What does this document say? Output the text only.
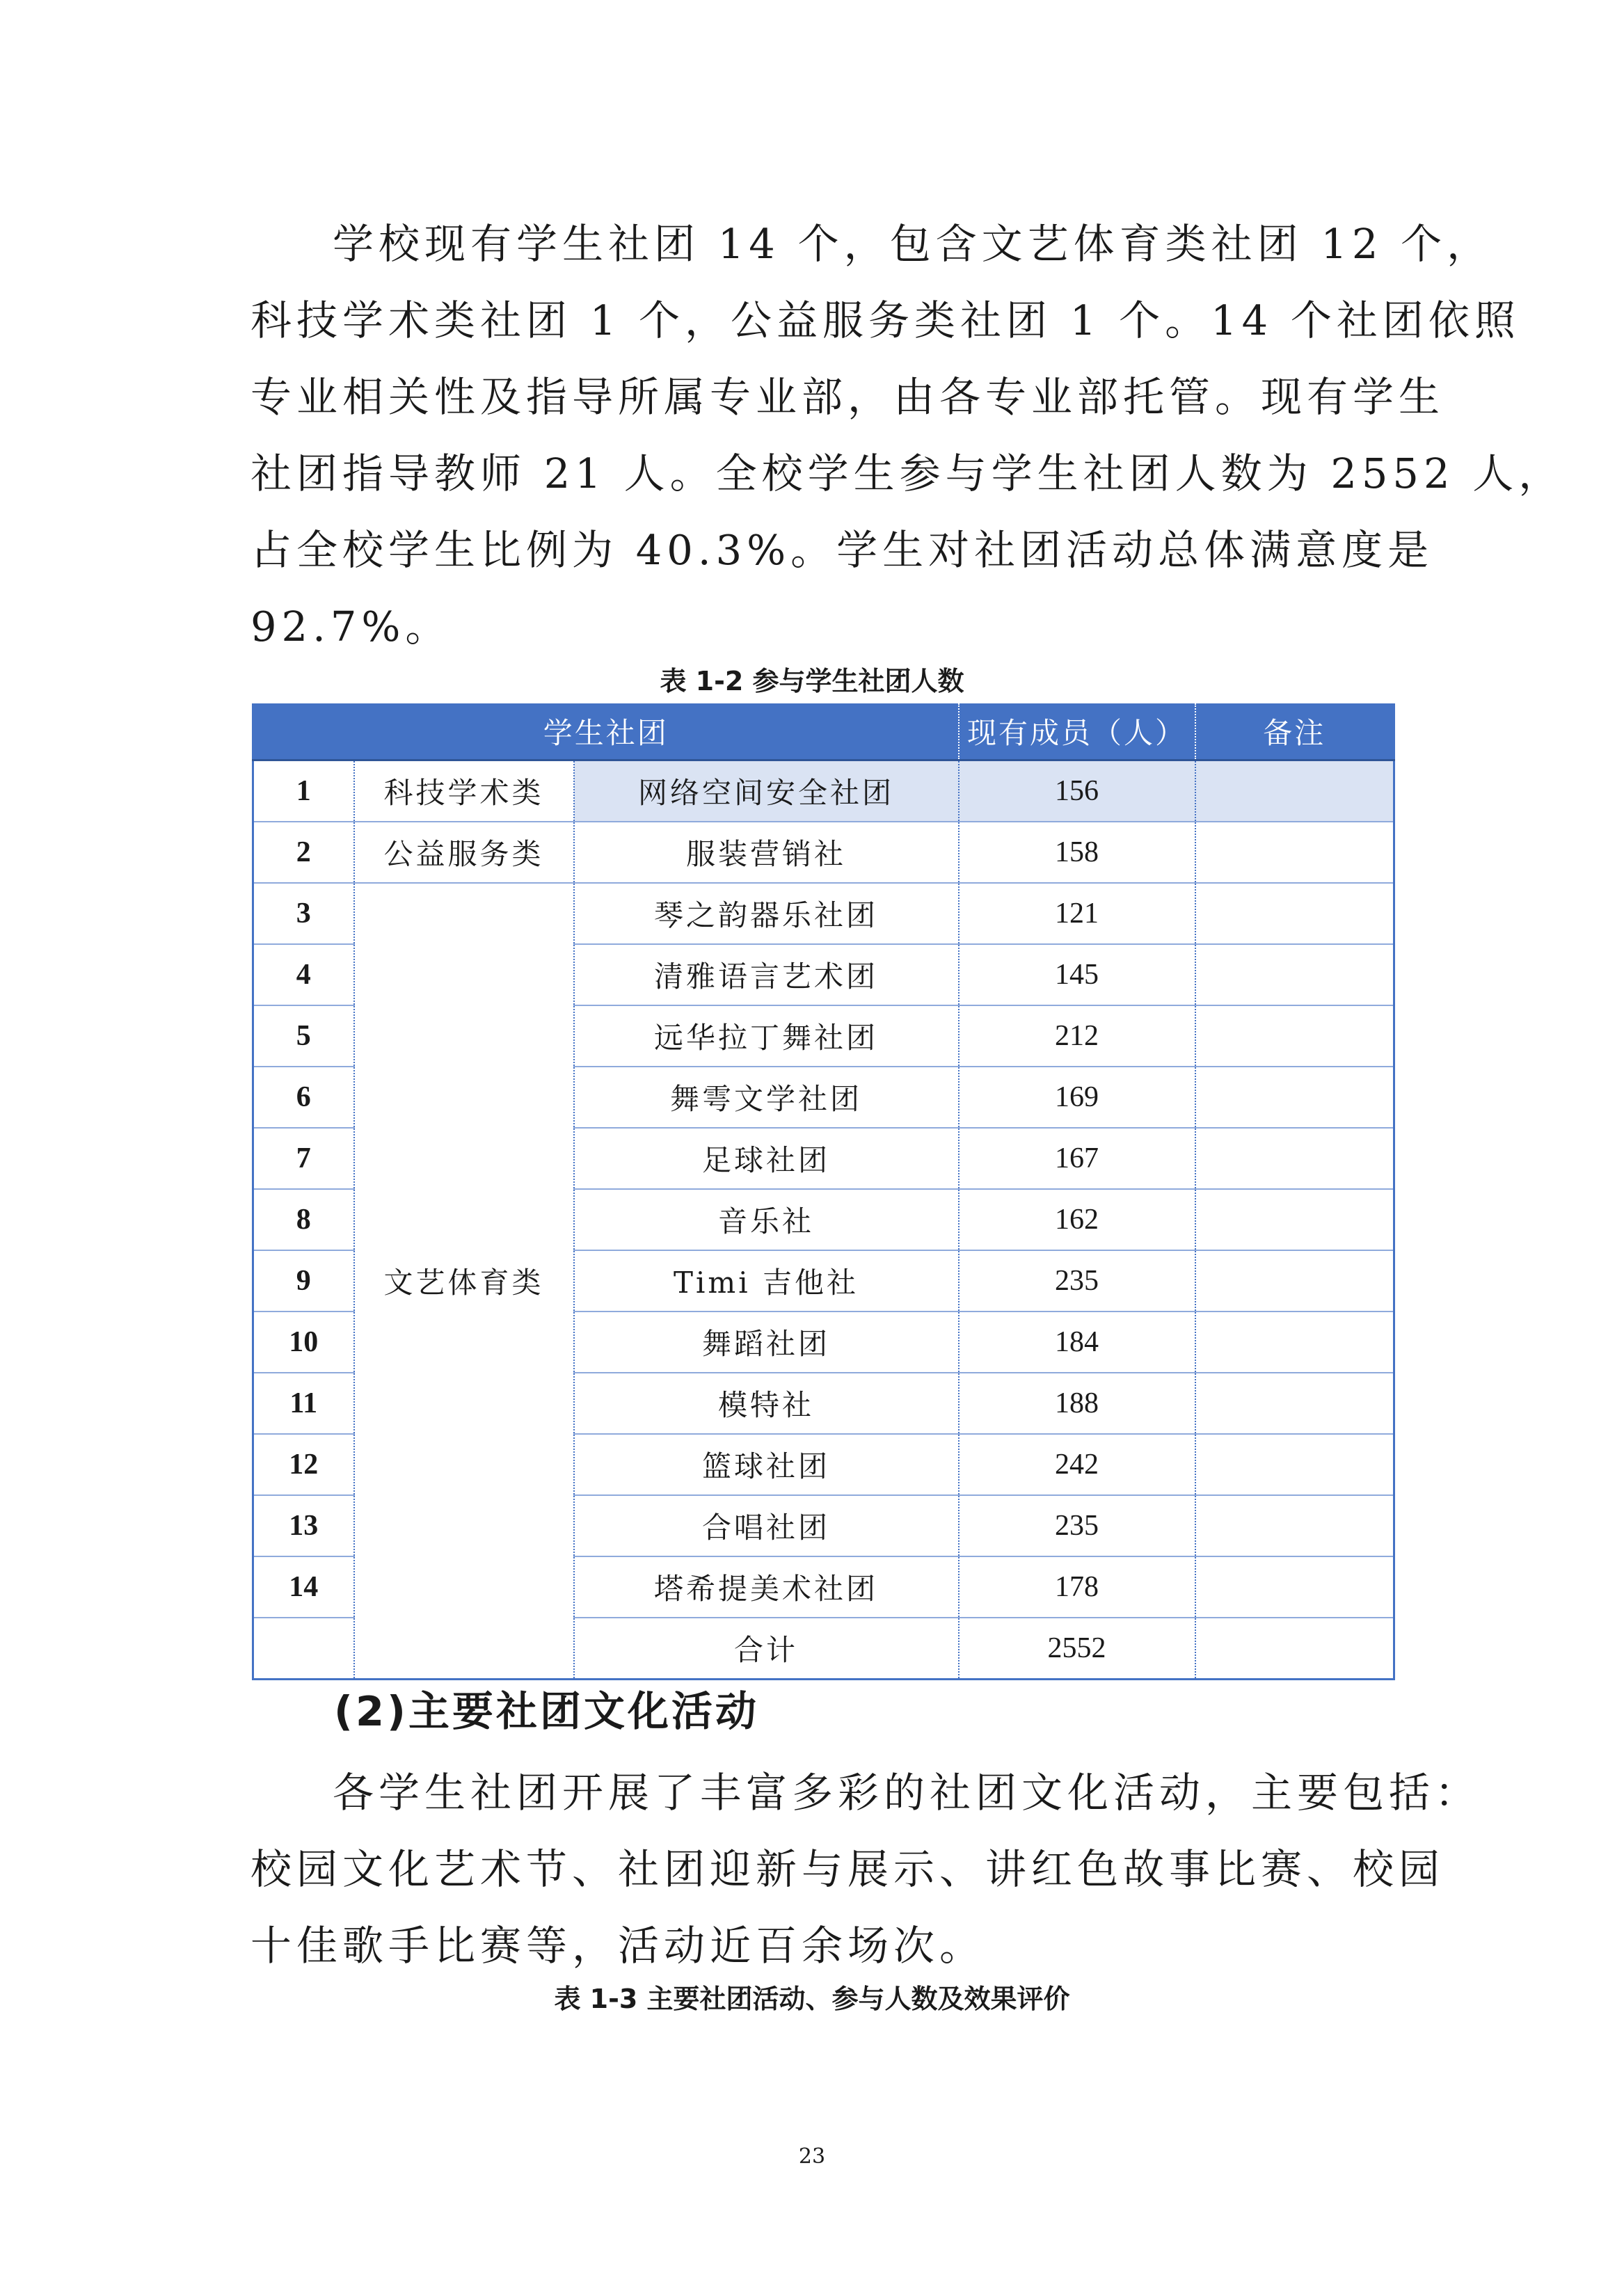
学校现有学生社团 14 个，包含文艺体育类社团 12 个，
科技学术类社团 1 个，公益服务类社团 1 个。14 个社团依照
专业相关性及指导所属专业部，由各专业部托管。现有学生
社团指导教师 21 人。全校学生参与学生社团人数为 2552 人，
占全校学生比例为 40.3%。学生对社团活动总体满意度是
92.7%。

表 1-2 参与学生社团人数

学生社团			现有成员（人）	备注
1	科技学术类	网络空间安全社团	156	
2	公益服务类	服装营销社	158	
3	文艺体育类	琴之韵器乐社团	121	
4		清雅语言艺术团	145	
5		远华拉丁舞社团	212	
6		舞雩文学社团	169	
7		足球社团	167	
8		音乐社	162	
9		Timi 吉他社	235	
10		舞蹈社团	184	
11		模特社	188	
12		篮球社团	242	
13		合唱社团	235	
14		塔希提美术社团	178	
		合计	2552	

(2)主要社团文化活动

各学生社团开展了丰富多彩的社团文化活动，主要包括：
校园文化艺术节、社团迎新与展示、讲红色故事比赛、校园
十佳歌手比赛等，活动近百余场次。

表 1-3 主要社团活动、参与人数及效果评价

23
